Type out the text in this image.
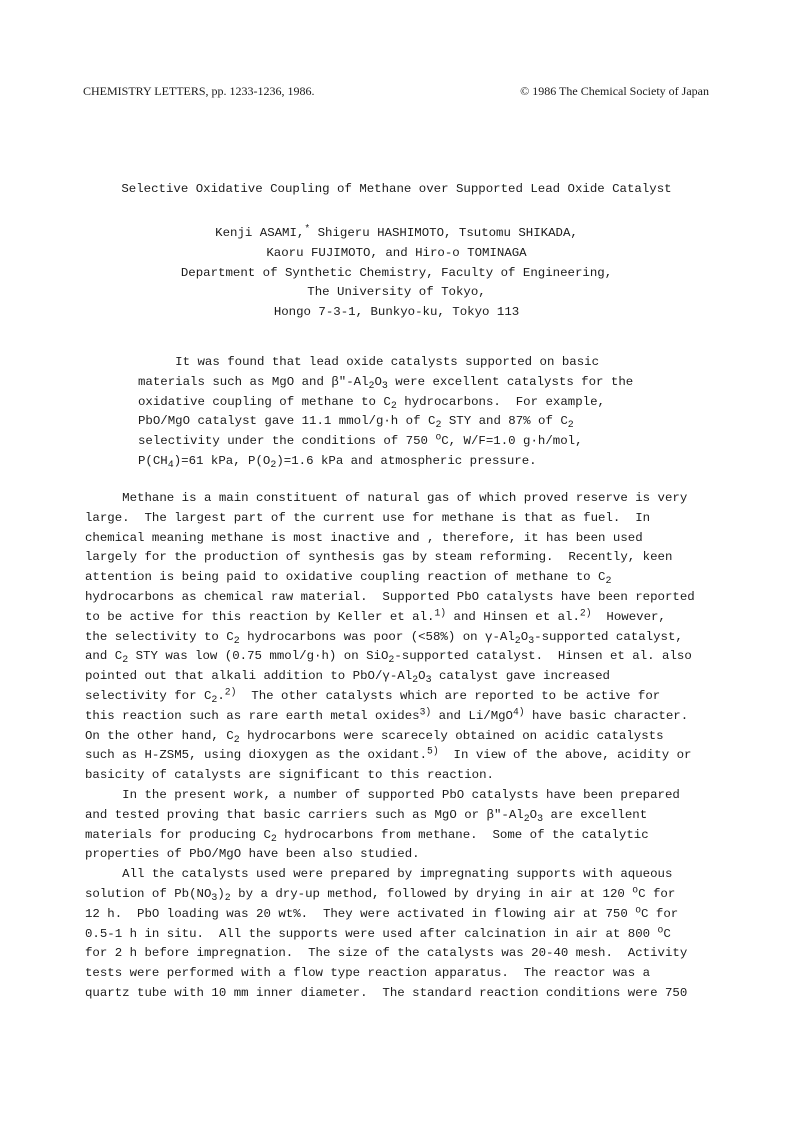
CHEMISTRY LETTERS, pp. 1233-1236, 1986.	© 1986 The Chemical Society of Japan
Selective Oxidative Coupling of Methane over Supported Lead Oxide Catalyst
Kenji ASAMI,* Shigeru HASHIMOTO, Tsutomu SHIKADA,
Kaoru FUJIMOTO, and Hiro-o TOMINAGA
Department of Synthetic Chemistry, Faculty of Engineering,
The University of Tokyo,
Hongo 7-3-1, Bunkyo-ku, Tokyo 113
It was found that lead oxide catalysts supported on basic
materials such as MgO and $\beta"-Al_2O_3$ were excellent catalysts for the
oxidative coupling of methane to $C_2$ hydrocarbons.  For example,
PbO/MgO catalyst gave 11.1 mmol/g·h of $C_2$ STY and 87% of $C_2$
selectivity under the conditions of 750 $^o$C, W/F=1.0 g·h/mol,
$P(CH_4)=61$ kPa, $P(O_2)=1.6$ kPa and atmospheric pressure.
Methane is a main constituent of natural gas of which proved reserve is very
large.  The largest part of the current use for methane is that as fuel.  In
chemical meaning methane is most inactive and , therefore, it has been used
largely for the production of synthesis gas by steam reforming.  Recently, keen
attention is being paid to oxidative coupling reaction of methane to $C_2$
hydrocarbons as chemical raw material.  Supported PbO catalysts have been reported
to be active for this reaction by Keller et al.$^{1)}$ and Hinsen et al.$^{2)}$  However,
the selectivity to $C_2$ hydrocarbons was poor (<58%) on $\gamma-Al_2O_3$-supported catalyst,
and $C_2$ STY was low (0.75 mmol/g·h) on SiO$_2$-supported catalyst.  Hinsen et al. also
pointed out that alkali addition to PbO/$\gamma-Al_2O_3$ catalyst gave increased
selectivity for $C_2.^{2)}$  The other catalysts which are reported to be active for
this reaction such as rare earth metal oxides$^{3)}$ and Li/MgO$^{4)}$ have basic character.
On the other hand, $C_2$ hydrocarbons were scarecely obtained on acidic catalysts
such as H-ZSM5, using dioxygen as the oxidant.$^{5)}$  In view of the above, acidity or
basicity of catalysts are significant to this reaction.
In the present work, a number of supported PbO catalysts have been prepared
and tested proving that basic carriers such as MgO or $\beta"-Al_2O_3$ are excellent
materials for producing $C_2$ hydrocarbons from methane.  Some of the catalytic
properties of PbO/MgO have been also studied.
All the catalysts used were prepared by impregnating supports with aqueous
solution of $Pb(NO_3)_2$ by a dry-up method, followed by drying in air at 120 $^o$C for
12 h.  PbO loading was 20 wt%.  They were activated in flowing air at 750 $^o$C for
0.5-1 h in situ.  All the supports were used after calcination in air at 800 $^o$C
for 2 h before impregnation.  The size of the catalysts was 20-40 mesh.  Activity
tests were performed with a flow type reaction apparatus.  The reactor was a
quartz tube with 10 mm inner diameter.  The standard reaction conditions were 750
